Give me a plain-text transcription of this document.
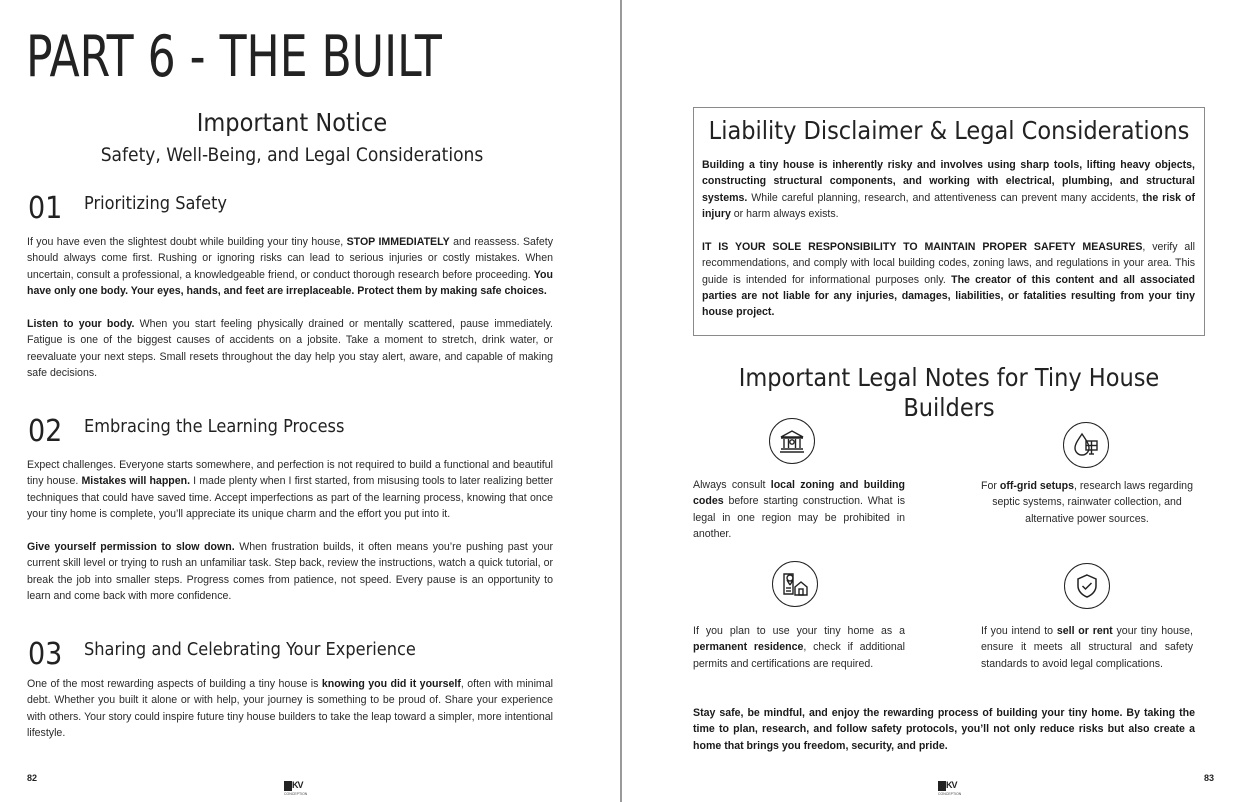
PART 6 - THE BUILT
Important Notice
Safety, Well-Being, and Legal Considerations
01 Prioritizing Safety
If you have even the slightest doubt while building your tiny house, STOP IMMEDIATELY and reassess. Safety should always come first. Rushing or ignoring risks can lead to serious injuries or costly mistakes. When uncertain, consult a professional, a knowledgeable friend, or conduct thorough research before proceeding. You have only one body. Your eyes, hands, and feet are irreplaceable. Protect them by making safe choices.
Listen to your body. When you start feeling physically drained or mentally scattered, pause immediately. Fatigue is one of the biggest causes of accidents on a jobsite. Take a moment to stretch, drink water, or reevaluate your next steps. Small resets throughout the day help you stay alert, aware, and capable of making safe decisions.
02 Embracing the Learning Process
Expect challenges. Everyone starts somewhere, and perfection is not required to build a functional and beautiful tiny house. Mistakes will happen. I made plenty when I first started, from misusing tools to later realizing better techniques that could have saved time. Accept imperfections as part of the learning process, knowing that once your tiny home is complete, you’ll appreciate its unique charm and the effort you put into it.
Give yourself permission to slow down. When frustration builds, it often means you’re pushing past your current skill level or trying to rush an unfamiliar task. Step back, review the instructions, watch a quick tutorial, or break the job into smaller steps. Progress comes from patience, not speed. Every pause is an opportunity to learn and come back with more confidence.
03 Sharing and Celebrating Your Experience
One of the most rewarding aspects of building a tiny house is knowing you did it yourself, often with minimal debt. Whether you built it alone or with help, your journey is something to be proud of. Share your experience with others. Your story could inspire future tiny house builders to take the leap toward a simpler, more intentional lifestyle.
82
KV
CONCEPTION
Liability Disclaimer & Legal Considerations
Building a tiny house is inherently risky and involves using sharp tools, lifting heavy objects, constructing structural components, and working with electrical, plumbing, and structural systems. While careful planning, research, and attentiveness can prevent many accidents, the risk of injury or harm always exists.
IT IS YOUR SOLE RESPONSIBILITY TO MAINTAIN PROPER SAFETY MEASURES, verify all recommendations, and comply with local building codes, zoning laws, and regulations in your area. This guide is intended for informational purposes only. The creator of this content and all associated parties are not liable for any injuries, damages, liabilities, or fatalities resulting from your tiny house project.
Important Legal Notes for Tiny House Builders
Always consult local zoning and building codes before starting construction. What is legal in one region may be prohibited in another.
For off-grid setups, research laws regarding septic systems, rainwater collection, and alternative power sources.
If you plan to use your tiny home as a permanent residence, check if additional permits and certifications are required.
If you intend to sell or rent your tiny house, ensure it meets all structural and safety standards to avoid legal complications.
Stay safe, be mindful, and enjoy the rewarding process of building your tiny home. By taking the time to plan, research, and follow safety protocols, you’ll not only reduce risks but also create a home that brings you freedom, security, and pride.
KV
CONCEPTION
83
